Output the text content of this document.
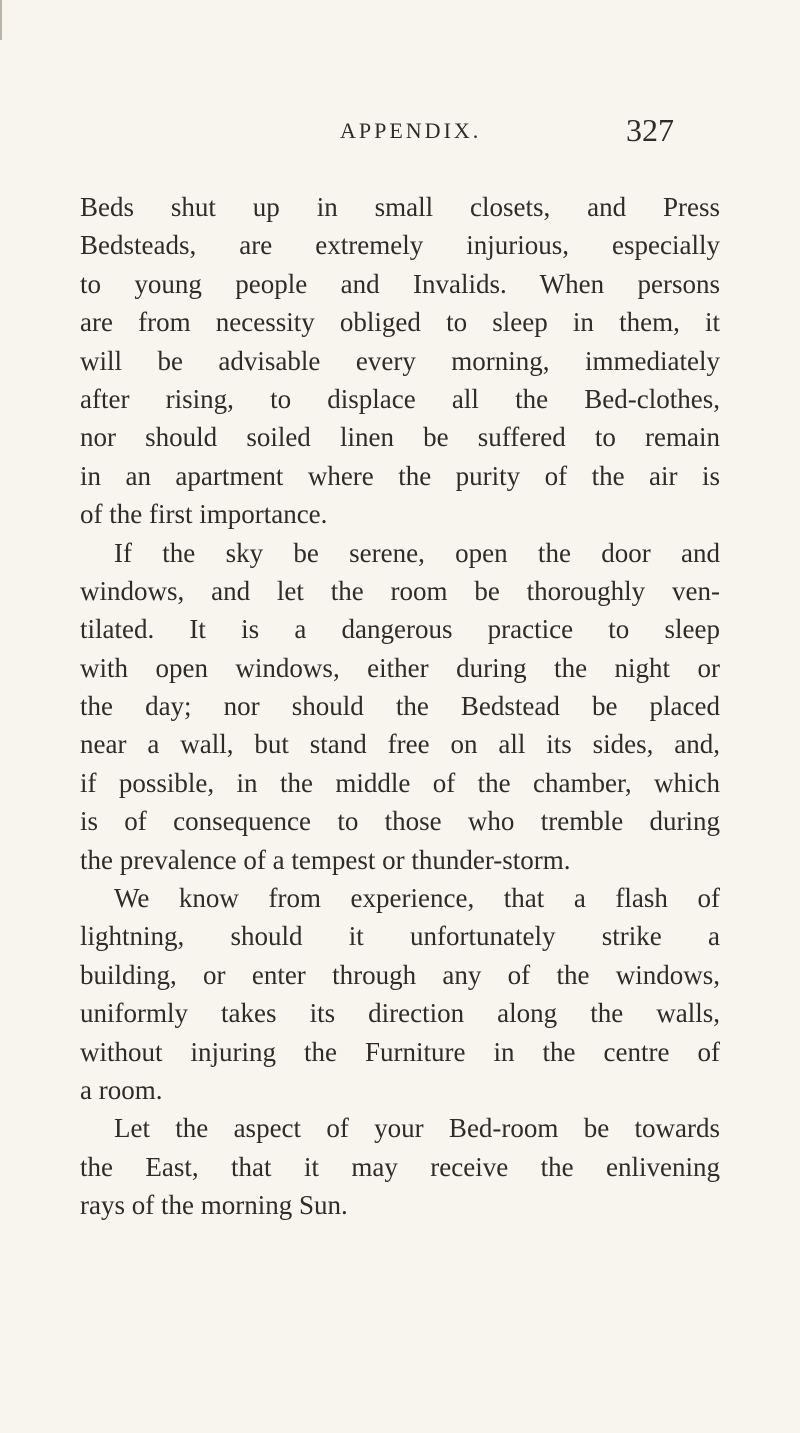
APPENDIX.	327
Beds shut up in small closets, and Press
Bedsteads, are extremely injurious, especially
to young people and Invalids. When persons
are from necessity obliged to sleep in them, it
will be advisable every morning, immediately
after rising, to displace all the Bed-clothes,
nor should soiled linen be suffered to remain
in an apartment where the purity of the air is
of the first importance.
If the sky be serene, open the door and
windows, and let the room be thoroughly ven-
tilated. It is a dangerous practice to sleep
with open windows, either during the night or
the day; nor should the Bedstead be placed
near a wall, but stand free on all its sides, and,
if possible, in the middle of the chamber, which
is of consequence to those who tremble during
the prevalence of a tempest or thunder-storm.
We know from experience, that a flash of
lightning, should it unfortunately strike a
building, or enter through any of the windows,
uniformly takes its direction along the walls,
without injuring the Furniture in the centre of
a room.
Let the aspect of your Bed-room be towards
the East, that it may receive the enlivening
rays of the morning Sun.
